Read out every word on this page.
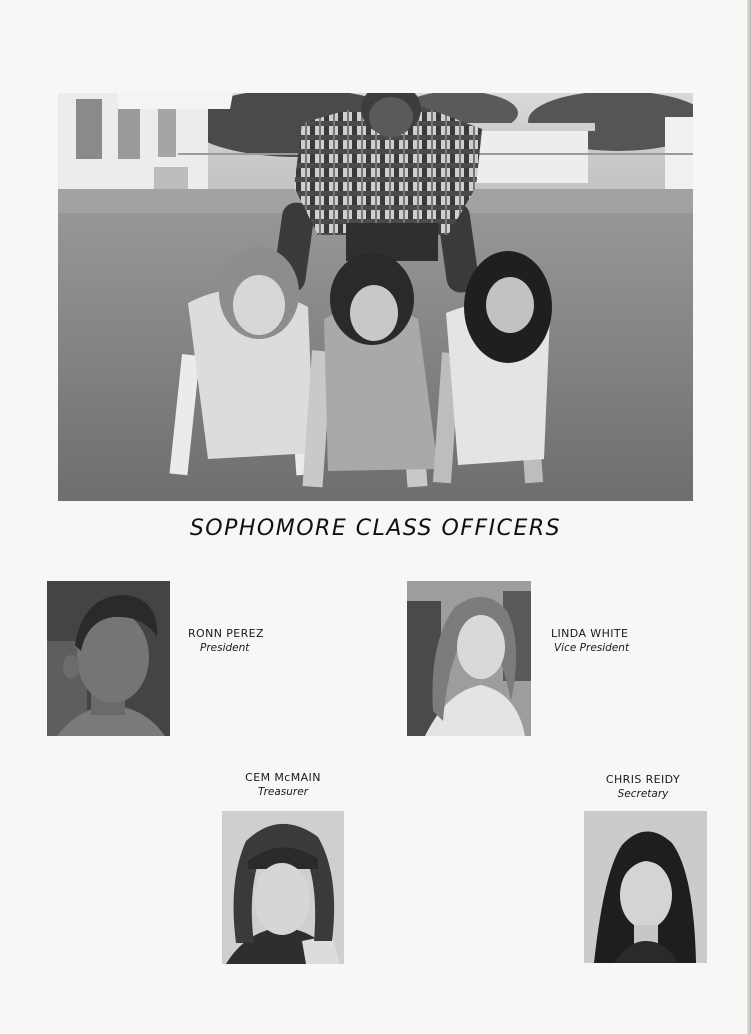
SOPHOMORE CLASS OFFICERS
RONN PEREZ
President
LINDA WHITE
Vice President
CEM McMAIN
Treasurer
CHRIS REIDY
Secretary
